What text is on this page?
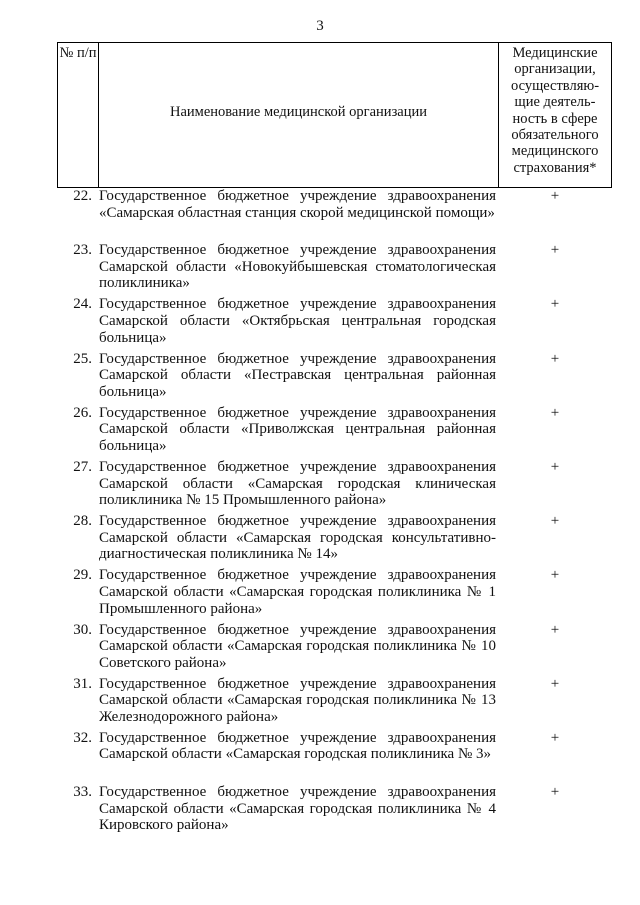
3
№ п/п
Наименование медицинской организации
Медицинские организации, осуществляю-щие деятель-ность в сфере обязательного медицинского страхования*
22. Государственное бюджетное учреждение здравоохранения «Самарская областная станция скорой медицинской помощи»
+
23. Государственное бюджетное учреждение здравоохранения Самарской области «Новокуйбышевская стоматологическая поликлиника»
+
24. Государственное бюджетное учреждение здравоохранения Самарской области «Октябрьская центральная городская больница»
+
25. Государственное бюджетное учреждение здравоохранения Самарской области «Пестравская центральная районная больница»
+
26. Государственное бюджетное учреждение здравоохранения Самарской области «Приволжская центральная районная больница»
+
27. Государственное бюджетное учреждение здравоохранения Самарской области «Самарская городская клиническая поликлиника № 15 Промышленного района»
+
28. Государственное бюджетное учреждение здравоохранения Самарской области «Самарская городская консультативно-диагностическая поликлиника № 14»
+
29. Государственное бюджетное учреждение здравоохранения Самарской области «Самарская городская поликлиника № 1 Промышленного района»
+
30. Государственное бюджетное учреждение здравоохранения Самарской области «Самарская городская поликлиника № 10 Советского района»
+
31. Государственное бюджетное учреждение здравоохранения Самарской области «Самарская городская поликлиника № 13 Железнодорожного района»
+
32. Государственное бюджетное учреждение здравоохранения Самарской области «Самарская городская поликлиника № 3»
+
33. Государственное бюджетное учреждение здравоохранения Самарской области «Самарская городская поликлиника № 4 Кировского района»
+
